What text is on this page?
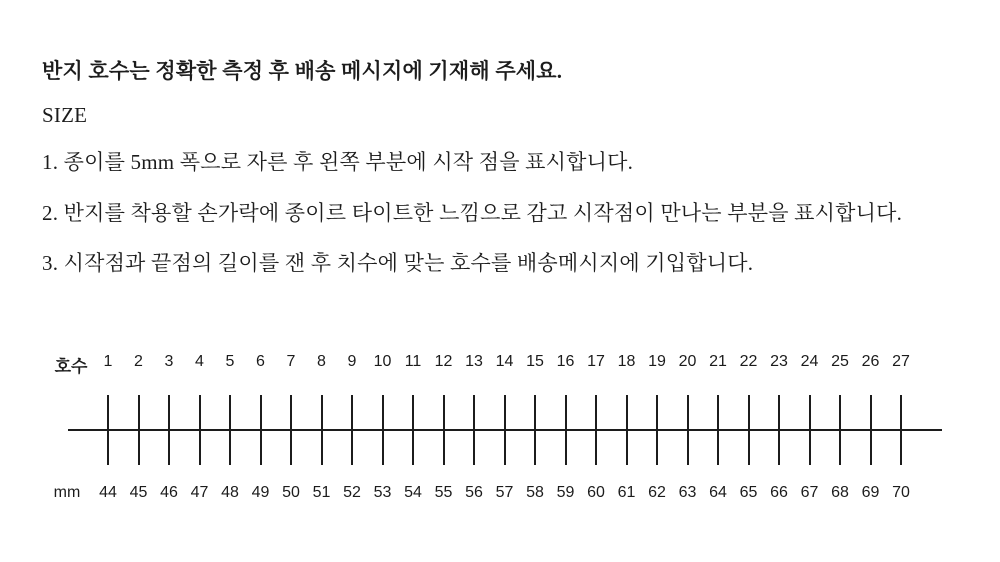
반지 호수는 정확한 측정 후 배송 메시지에 기재해 주세요.

SIZE

1. 종이를 5mm 폭으로 자른 후 왼쪽 부분에 시작 점을 표시합니다.

2. 반지를 착용할 손가락에 종이르 타이트한 느낌으로 감고 시작점이 만나는 부분을 표시합니다.

3. 시작점과 끝점의 길이를 잰 후 치수에 맞는 호수를 배송메시지에 기입합니다.

호수
mm
1 2 3 4 5 6 7 8 9 10 11 12 13 14 15 16 17 18 19 20 21 22 23 24 25 26 27
44 45 46 47 48 49 50 51 52 53 54 55 56 57 58 59 60 61 62 63 64 65 66 67 68 69 70
